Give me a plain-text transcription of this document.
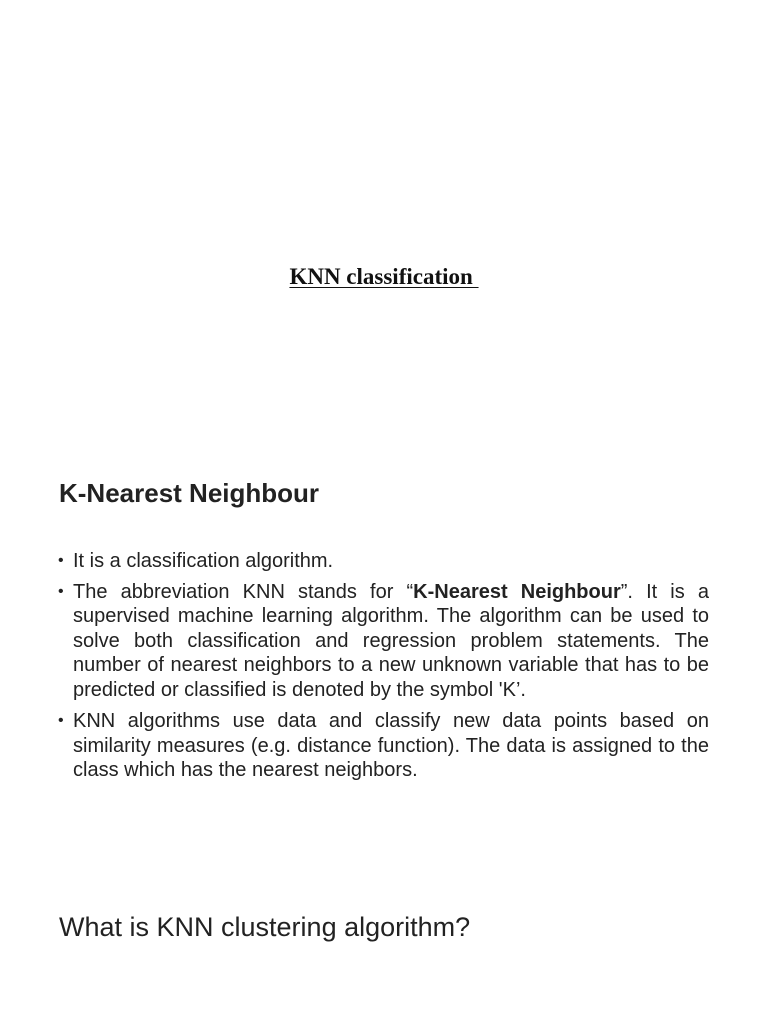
KNN classification
K-Nearest Neighbour
• It is a classification algorithm.
• The abbreviation KNN stands for “K-Nearest Neighbour”. It is a supervised machine learning algorithm. The algorithm can be used to solve both classification and regression problem statements. The number of nearest neighbors to a new unknown variable that has to be predicted or classified is denoted by the symbol 'K’.
• KNN algorithms use data and classify new data points based on similarity measures (e.g. distance function). The data is assigned to the class which has the nearest neighbors.
What is KNN clustering algorithm?
